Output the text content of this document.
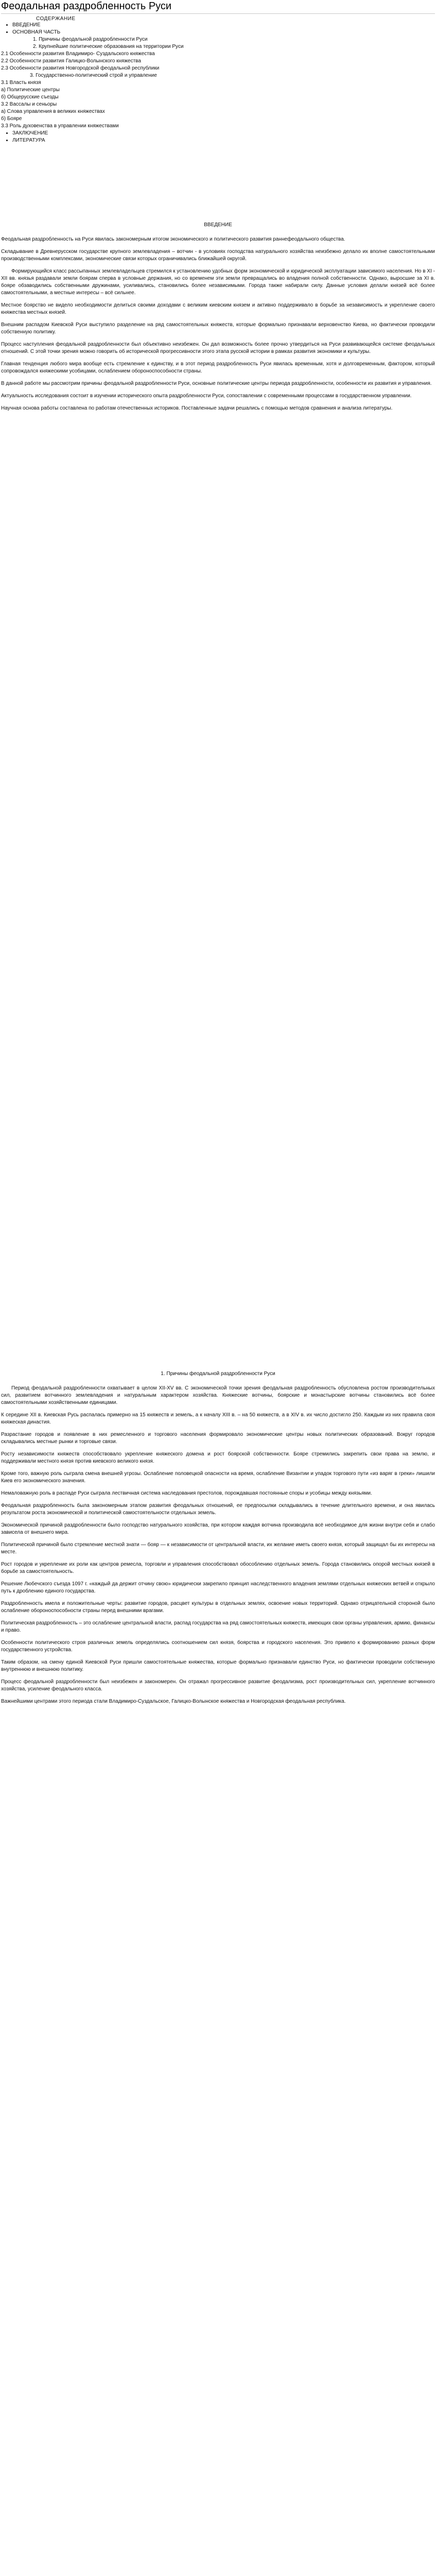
Феодальная раздробленность Руси
СОДЕРЖАНИЕ
• ВВЕДЕНИЕ
• ОСНОВНАЯ ЧАСТЬ
1. Причины феодальной раздробленности Руси
2. Крупнейшие политические образования на территории Руси
2.1 Особенности развития Владимиро- Суздальского княжества
2.2 Особенности развития Галицко-Волынского княжества
2.3 Особенности развития Новгородской феодальной республики
3. Государственно-политический строй и управление
3.1 Власть князя
а) Политические центры
б) Общерусские съезды
3.2 Вассалы и сеньоры
а) Слова управления в великих княжествах
б) Бояре
3.3 Роль духовенства в управлении княжествами
• ЗАКЛЮЧЕНИЕ
• ЛИТЕРАТУРА
ВВЕДЕНИЕ

Феодальная раздробленность на Руси явилась закономерным итогом экономического и политического развития раннефеодального общества.

Складывание в Древнерусском государстве крупного землевладения – вотчин - в условиях господства натурального хозяйства неизбежно делало их вполне самостоятельными производственными комплексами, экономические связи которых ограничивались ближайшей округой.

Формирующийся класс рассыпанных землевладельцев стремился к установлению удобных форм экономической и юридической эксплуатации зависимого населения. Но в XI - XII вв. князья раздавали земли боярам сперва в условные держания, но со временем эти земли превращались во владения полной собственности. Однако, выросшие за ХI в. бояре обзаводились собственными дружинами, усиливались, становились более независимыми. Города также набирали силу. Данные условия делали князей всё более самостоятельными, а местные интересы – всё сильнее.

Местное боярство не видело необходимости делиться своими доходами с великим киевским князем и активно поддерживало в борьбе за независимость и укрепление своего княжества местных князей.

Внешним распадом Киевской Руси выступило разделение на ряд самостоятельных княжеств, которые формально признавали верховенство Киева, но фактически проводили собственную политику.

Процесс наступления феодальной раздробленности был объективно неизбежен. Он дал возможность более прочно утвердиться на Руси развивающейся системе феодальных отношений. С этой точки зрения можно говорить об исторической прогрессивности этого этапа русской истории в рамках развития экономики и культуры.

Главная тенденция любого мира вообще есть стремление к единству, и в этот период раздробленность Руси явилась временным, хотя и долговременным, фактором, который сопровождался княжескими усобицами, ослаблением обороноспособности страны.

В данной работе мы рассмотрим причины феодальной раздробленности Руси, основные политические центры периода раздробленности, особенности их развития и управления.

Актуальность исследования состоит в изучении исторического опыта раздробленности Руси, сопоставлении с современными процессами в государственном управлении.

Научная основа работы составлена по работам отечественных историков. Поставленные задачи решались с помощью методов сравнения и анализа литературы.

1. Причины феодальной раздробленности Руси

Период феодальной раздробленности охватывает в целом XII-XV вв. С экономической точки зрения феодальная раздробленность обусловлена ростом производительных сил, развитием вотчинного землевладения и натуральным характером хозяйства. Княжеские вотчины, боярские и монастырские вотчины становились всё более самостоятельными хозяйственными единицами.

К середине XII в. Киевская Русь распалась примерно на 15 княжеств и земель, а к началу XIII в. – на 50 княжеств, а в XIV в. их число достигло 250. Каждым из них правила своя княжеская династия.

Разрастание городов и появление в них ремесленного и торгового населения формировало экономические центры новых политических образований. Вокруг городов складывались местные рынки и торговые связи.

Росту независимости княжеств способствовало укрепление княжеского домена и рост боярской собственности. Бояре стремились закрепить свои права на землю, и поддерживали местного князя против киевского великого князя.

Кроме того, важную роль сыграла смена внешней угрозы. Ослабление половецкой опасности на время, ослабление Византии и упадок торгового пути «из варяг в греки» лишили Киев его экономического значения.

Немаловажную роль в распаде Руси сыграла лествичная система наследования престолов, порождавшая постоянные споры и усобицы между князьями.

Феодальная раздробленность была закономерным этапом развития феодальных отношений, ее предпосылки складывались в течение длительного времени, и она явилась результатом роста экономической и политической самостоятельности отдельных земель.

Экономической причиной раздробленности было господство натурального хозяйства, при котором каждая вотчина производила всё необходимое для жизни внутри себя и слабо зависела от внешнего мира.

Политической причиной было стремление местной знати — бояр — к независимости от центральной власти, их желание иметь своего князя, который защищал бы их интересы на месте.

Рост городов и укрепление их роли как центров ремесла, торговли и управления способствовал обособлению отдельных земель. Города становились опорой местных князей в борьбе за самостоятельность.

Решение Любечского съезда 1097 г. «каждый да держит отчину свою» юридически закрепило принцип наследственного владения землями отдельных княжеских ветвей и открыло путь к дроблению единого государства.

Раздробленность имела и положительные черты: развитие городов, расцвет культуры в отдельных землях, освоение новых территорий. Однако отрицательной стороной было ослабление обороноспособности страны перед внешними врагами.

Политическая раздробленность – это ослабление центральной власти, распад государства на ряд самостоятельных княжеств, имеющих свои органы управления, армию, финансы и право.

Особенности политического строя различных земель определялись соотношением сил князя, боярства и городского населения. Это привело к формированию разных форм государственного устройства.

Таким образом, на смену единой Киевской Руси пришли самостоятельные княжества, которые формально признавали единство Руси, но фактически проводили собственную внутреннюю и внешнюю политику.

Процесс феодальной раздробленности был неизбежен и закономерен. Он отражал прогрессивное развитие феодализма, рост производительных сил, укрепление вотчинного хозяйства, усиление феодального класса.

Важнейшими центрами этого периода стали Владимиро-Суздальское, Галицко-Волынское княжества и Новгородская феодальная республика.
